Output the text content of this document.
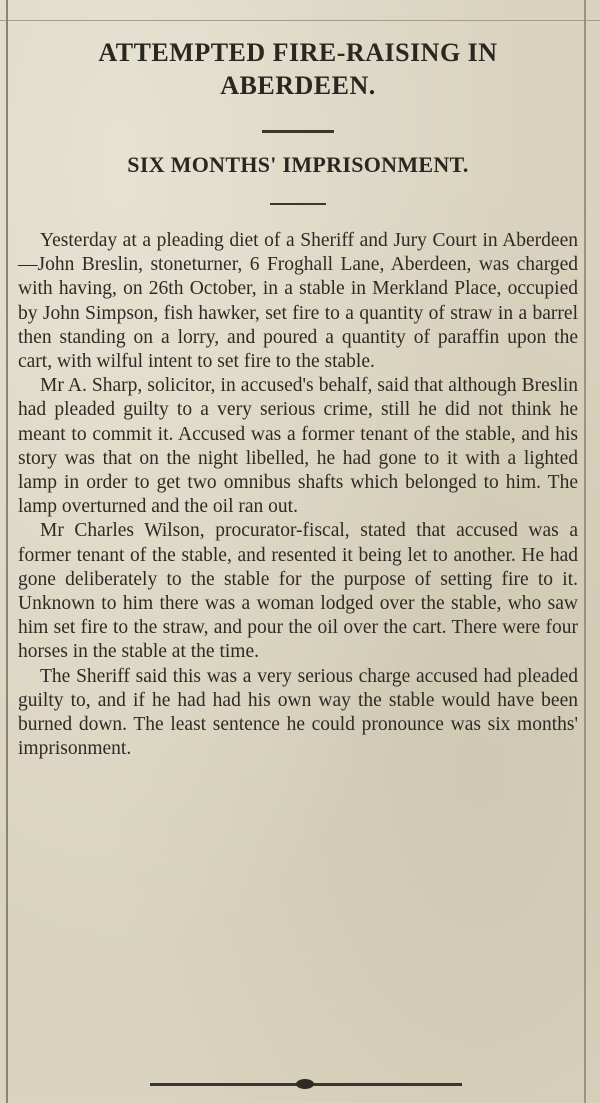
ATTEMPTED FIRE-RAISING IN ABERDEEN.
SIX MONTHS' IMPRISONMENT.

Yesterday at a pleading diet of a Sheriff and Jury Court in Aberdeen —John Breslin, stoneturner, 6 Froghall Lane, Aberdeen, was charged with having, on 26th October, in a stable in Merkland Place, occupied by John Simpson, fish hawker, set fire to a quantity of straw in a barrel then standing on a lorry, and poured a quantity of paraffin upon the cart, with wilful intent to set fire to the stable.

Mr A. Sharp, solicitor, in accused's behalf, said that although Breslin had pleaded guilty to a very serious crime, still he did not think he meant to commit it. Accused was a former tenant of the stable, and his story was that on the night libelled, he had gone to it with a lighted lamp in order to get two omnibus shafts which belonged to him. The lamp overturned and the oil ran out.

Mr Charles Wilson, procurator-fiscal, stated that accused was a former tenant of the stable, and resented it being let to another. He had gone deliberately to the stable for the purpose of setting fire to it. Unknown to him there was a woman lodged over the stable, who saw him set fire to the straw, and pour the oil over the cart. There were four horses in the stable at the time.

The Sheriff said this was a very serious charge accused had pleaded guilty to, and if he had had his own way the stable would have been burned down. The least sentence he could pronounce was six months' imprisonment.
